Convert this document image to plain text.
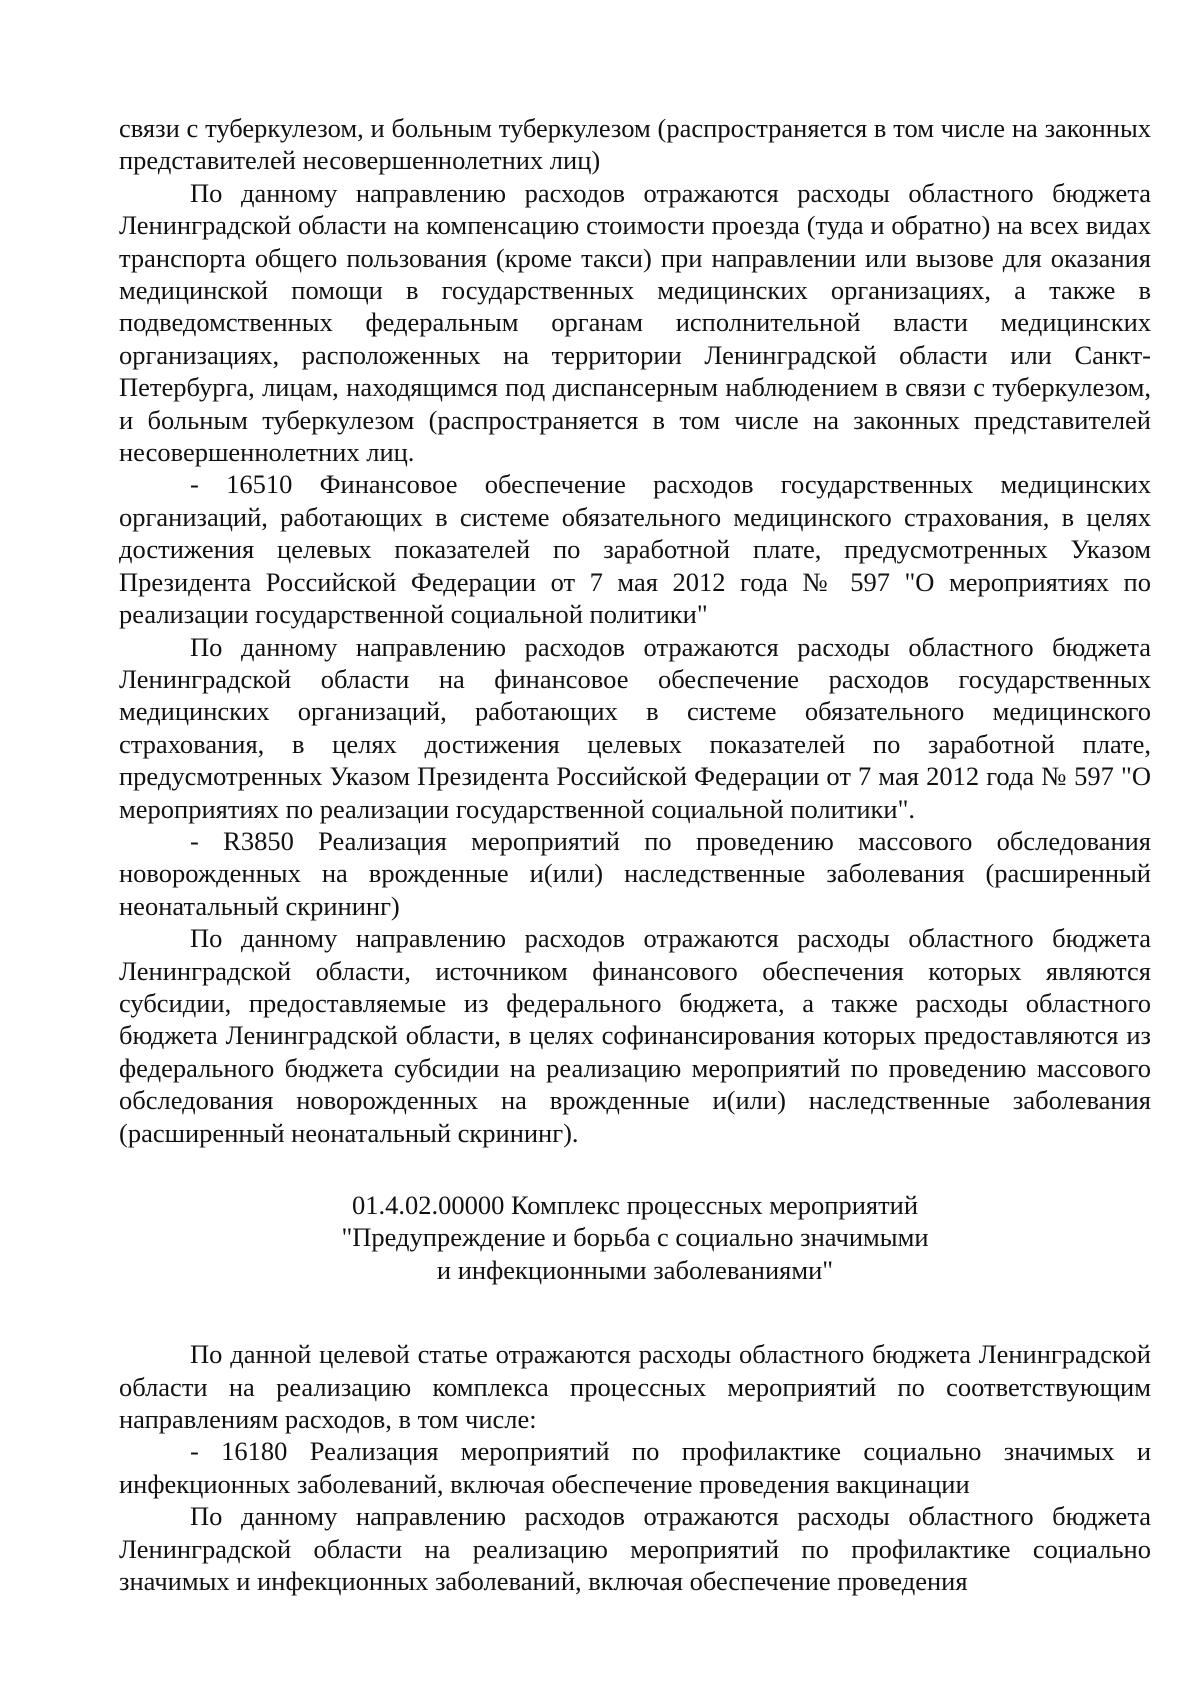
связи с туберкулезом, и больным туберкулезом (распространяется в том числе на законных представителей несовершеннолетних лиц)

По данному направлению расходов отражаются расходы областного бюджета Ленинградской области на компенсацию стоимости проезда (туда и обратно) на всех видах транспорта общего пользования (кроме такси) при направлении или вызове для оказания медицинской помощи в государственных медицинских организациях, а также в подведомственных федеральным органам исполнительной власти медицинских организациях, расположенных на территории Ленинградской области или Санкт-Петербурга, лицам, находящимся под диспансерным наблюдением в связи с туберкулезом, и больным туберкулезом (распространяется в том числе на законных представителей несовершеннолетних лиц.

- 16510 Финансовое обеспечение расходов государственных медицинских организаций, работающих в системе обязательного медицинского страхования, в целях достижения целевых показателей по заработной плате, предусмотренных Указом Президента Российской Федерации от 7 мая 2012 года № 597 "О мероприятиях по реализации государственной социальной политики"

По данному направлению расходов отражаются расходы областного бюджета Ленинградской области на финансовое обеспечение расходов государственных медицинских организаций, работающих в системе обязательного медицинского страхования, в целях достижения целевых показателей по заработной плате, предусмотренных Указом Президента Российской Федерации от 7 мая 2012 года № 597 "О мероприятиях по реализации государственной социальной политики".

- R3850 Реализация мероприятий по проведению массового обследования новорожденных на врожденные и(или) наследственные заболевания (расширенный неонатальный скрининг)

По данному направлению расходов отражаются расходы областного бюджета Ленинградской области, источником финансового обеспечения которых являются субсидии, предоставляемые из федерального бюджета, а также расходы областного бюджета Ленинградской области, в целях софинансирования которых предоставляются из федерального бюджета субсидии на реализацию мероприятий по проведению массового обследования новорожденных на врожденные и(или) наследственные заболевания (расширенный неонатальный скрининг).

01.4.02.00000 Комплекс процессных мероприятий
"Предупреждение и борьба с социально значимыми
и инфекционными заболеваниями"

По данной целевой статье отражаются расходы областного бюджета Ленинградской области на реализацию комплекса процессных мероприятий по соответствующим направлениям расходов, в том числе:

- 16180 Реализация мероприятий по профилактике социально значимых и инфекционных заболеваний, включая обеспечение проведения вакцинации

По данному направлению расходов отражаются расходы областного бюджета Ленинградской области на реализацию мероприятий по профилактике социально значимых и инфекционных заболеваний, включая обеспечение проведения
